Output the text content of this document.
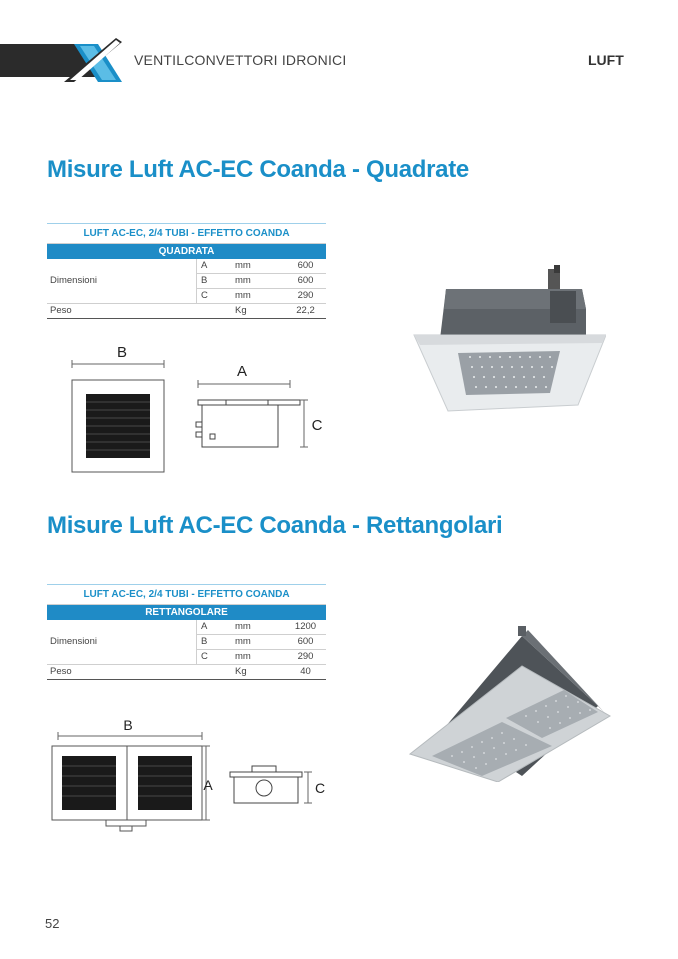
VENTILCONVETTORI IDRONICI	LUFT
Misure Luft AC-EC Coanda - Quadrate
LUFT AC-EC, 2/4 TUBI - EFFETTO COANDA
QUADRATA
Dimensioni	A	mm	600
	B	mm	600
	C	mm	290
Peso		Kg	22,2
B
A
C
Misure Luft AC-EC Coanda - Rettangolari
LUFT AC-EC, 2/4 TUBI - EFFETTO COANDA
RETTANGOLARE
Dimensioni	A	mm	1200
	B	mm	600
	C	mm	290
Peso		Kg	40
B
A	C
52
